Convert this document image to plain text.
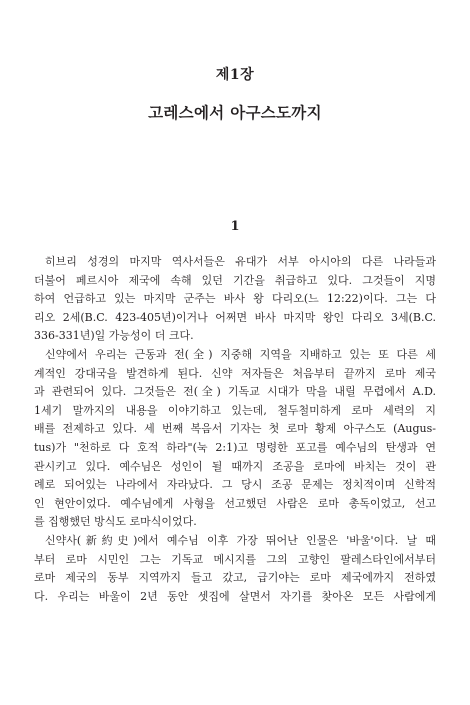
제1장
고레스에서 아구스도까지
1
히브리 성경의 마지막 역사서들은 유대가 서부 아시아의 다른 나라들과
더불어 페르시아 제국에 속해 있던 기간을 취급하고 있다. 그것들이 지명
하여 언급하고 있는 마지막 군주는 바사 왕 다리오(느 12:22)이다. 그는 다
리오 2세(B.C. 423-405년)이거나 어쩌면 바사 마지막 왕인 다리오 3세(B.C.
336-331년)일 가능성이 더 크다.
신약에서 우리는 근동과 전(全) 지중해 지역을 지배하고 있는 또 다른 세
계적인 강대국을 발견하게 된다. 신약 저자들은 처음부터 끝까지 로마 제국
과 관련되어 있다. 그것들은 전(全) 기독교 시대가 막을 내릴 무렵에서 A.D.
1세기 말까지의 내용을 이야기하고 있는데, 철두철미하게 로마 세력의 지
배를 전제하고 있다. 세 번째 복음서 기자는 첫 로마 황제 아구스도 (Augus-
tus)가 "천하로 다 호적 하라"(눅 2:1)고 명령한 포고를 예수님의 탄생과 연
관시키고 있다. 예수님은 성인이 될 때까지 조공을 로마에 바치는 것이 관
례로 되어있는 나라에서 자라났다. 그 당시 조공 문제는 정치적이며 신학적
인 현안이었다. 예수님에게 사형을 선고했던 사람은 로마 총독이었고, 선고
를 집행했던 방식도 로마식이었다.
신약사(新約史)에서 예수님 이후 가장 뛰어난 인물은 '바울'이다. 날 때
부터 로마 시민인 그는 기독교 메시지를 그의 고향인 팔레스타인에서부터
로마 제국의 동부 지역까지 들고 갔고, 급기야는 로마 제국에까지 전하였
다. 우리는 바울이 2년 동안 셋집에 살면서 자기를 찾아온 모든 사람에게
